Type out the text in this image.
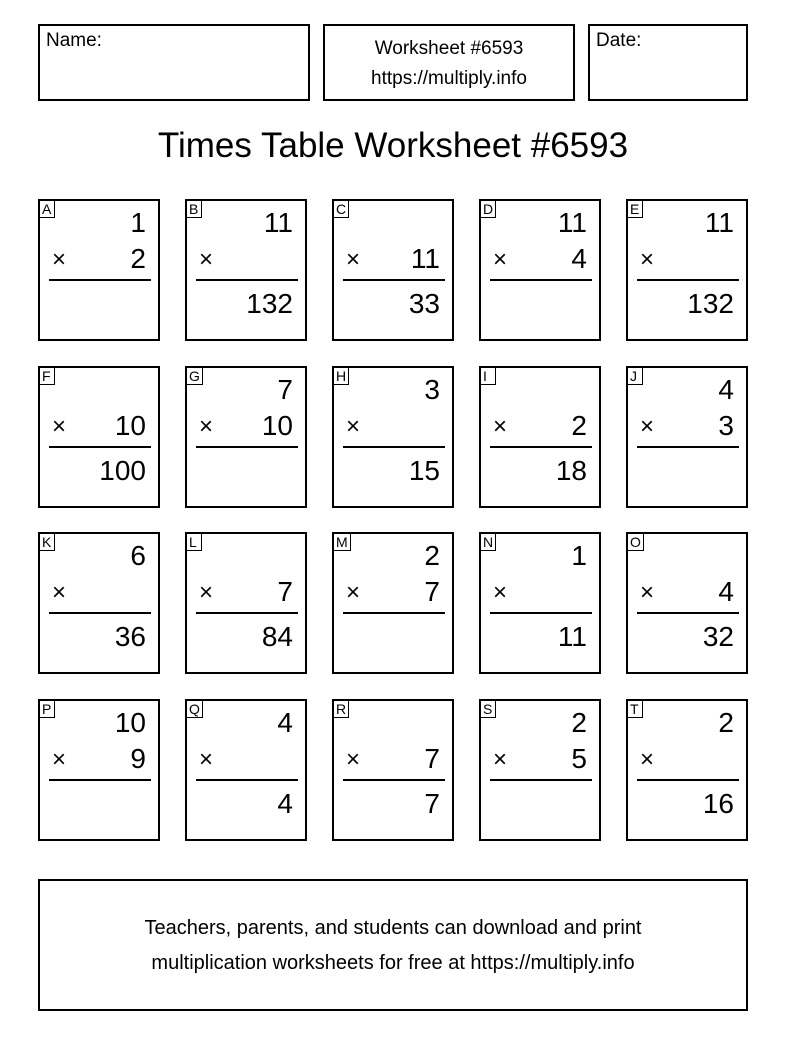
Name:	Worksheet #6593
https://multiply.info
Date:
Times Table Worksheet #6593
A	1
× 2
B 11
×
132
C
× 11
33
D 11
× 4
E 11
×
132
F
× 10
100
G	7
× 10
H	3
×
15
I
× 2
18
J	4
× 3
K	6
×
36
L
× 7
84
M	2
× 7
N	1
×
11
O
× 4
32
P 10
× 9
Q	4
×
4
R
× 7
7
S	2
× 5
T	2
×
16
Teachers, parents, and students can download and print
multiplication worksheets for free at https://multiply.info
